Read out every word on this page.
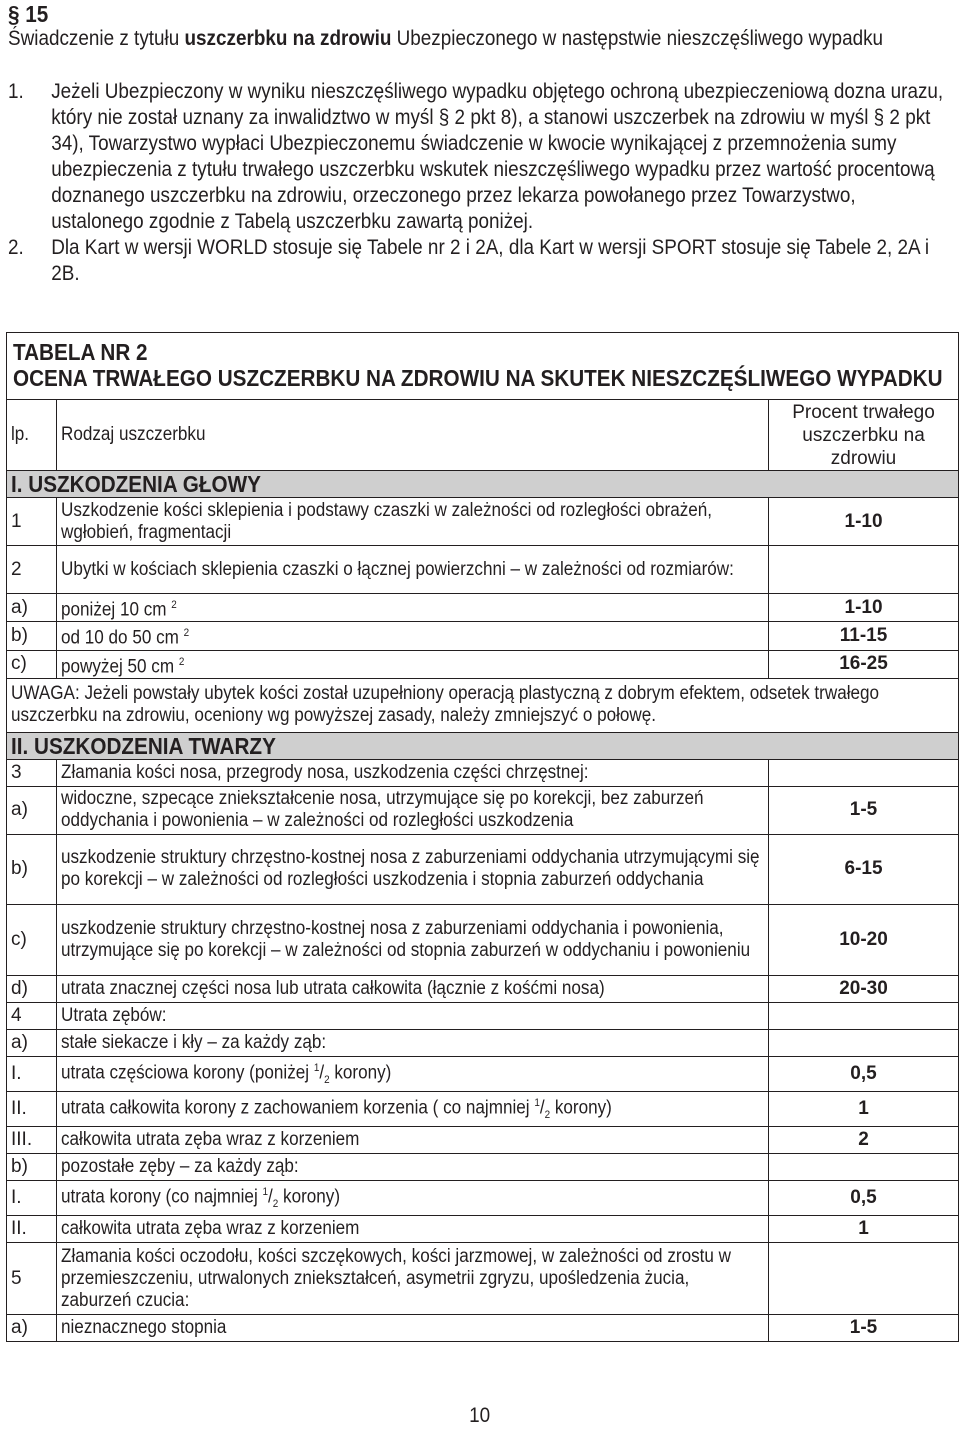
§ 15
Świadczenie z tytułu uszczerbku na zdrowiu Ubezpieczonego w następstwie nieszczęśliwego wypadku
1.	Jeżeli Ubezpieczony w wyniku nieszczęśliwego wypadku objętego ochroną ubezpieczeniową dozna urazu, który nie został uznany za inwalidztwo w myśl § 2 pkt 8), a stanowi uszczerbek na zdrowiu w myśl § 2 pkt 34), Towarzystwo wypłaci Ubezpieczonemu świadczenie w kwocie wynikającej z przemnożenia sumy ubezpieczenia z tytułu trwałego uszczerbku wskutek nieszczęśliwego wypadku przez wartość procentową doznanego uszczerbku na zdrowiu, orzeczonego przez lekarza powołanego przez Towarzystwo, ustalonego zgodnie z Tabelą uszczerbku zawartą poniżej.
2.	Dla Kart w wersji WORLD stosuje się Tabele nr 2 i 2A, dla Kart w wersji SPORT stosuje się Tabele 2, 2A i 2B.
TABELA NR 2
OCENA TRWAŁEGO USZCZERBKU NA ZDROWIU NA SKUTEK NIESZCZĘŚLIWEGO WYPADKU		

lp.	Rodzaj uszczerbku	Procent trwałego uszczerbku na zdrowiu

I. USZKODZENIA GŁOWY		
1	Uszkodzenie kości sklepienia i podstawy czaszki w zależności od rozległości obrażeń, wgłobień, fragmentacji	1-10
2	Ubytki w kościach sklepienia czaszki o łącznej powierzchni – w zależności od rozmiarów:	

a)	poniżej 10 cm $^2$	1-10
b)	od 10 do 50 cm $^2$	11-15
c)	powyżej 50 cm $^2$	16-25

UWAGA: Jeżeli powstały ubytek kości został uzupełniony operacją plastyczną z dobrym efektem, odsetek trwałego uszczerbku na zdrowiu, oceniony wg powyższej zasady, należy zmniejszyć o połowę.		

II. USZKODZENIA TWARZY		
3	Złamania kości nosa, przegrody nosa, uszkodzenia części chrzęstnej:	
a)	widoczne, szpecące zniekształcenie nosa, utrzymujące się po korekcji, bez zaburzeń oddychania i powonienia – w zależności od rozległości uszkodzenia	1-5
b)	uszkodzenie struktury chrzęstno-kostnej nosa z zaburzeniami oddychania utrzymującymi się po korekcji – w zależności od rozległości uszkodzenia i stopnia zaburzeń oddychania	6-15
c)	uszkodzenie struktury chrzęstno-kostnej nosa z zaburzeniami oddychania i powonienia, utrzymujące się po korekcji – w zależności od stopnia zaburzeń w oddychaniu i powonieniu	10-20
d)	utrata znacznej części nosa lub utrata całkowita (łącznie z kośćmi nosa)	20-30
4	Utrata zębów:	
a)	stałe siekacze i kły – za każdy ząb:	
I.	utrata częściowa korony (poniżej $^1/_2$ korony)	0,5
II.	utrata całkowita korony z zachowaniem korzenia ( co najmniej $^1/_2$ korony)	1
III.	całkowita utrata zęba wraz z korzeniem	2
b)	pozostałe zęby – za każdy ząb:	
I.	utrata korony (co najmniej $^1/_2$ korony)	0,5
II.	całkowita utrata zęba wraz z korzeniem	1
5	Złamania kości oczodołu, kości szczękowych, kości jarzmowej, w zależności od zrostu w przemieszczeniu, utrwalonych zniekształceń, asymetrii zgryzu, upośledzenia żucia, zaburzeń czucia:	

a)	nieznacznego stopnia	1-5
10
